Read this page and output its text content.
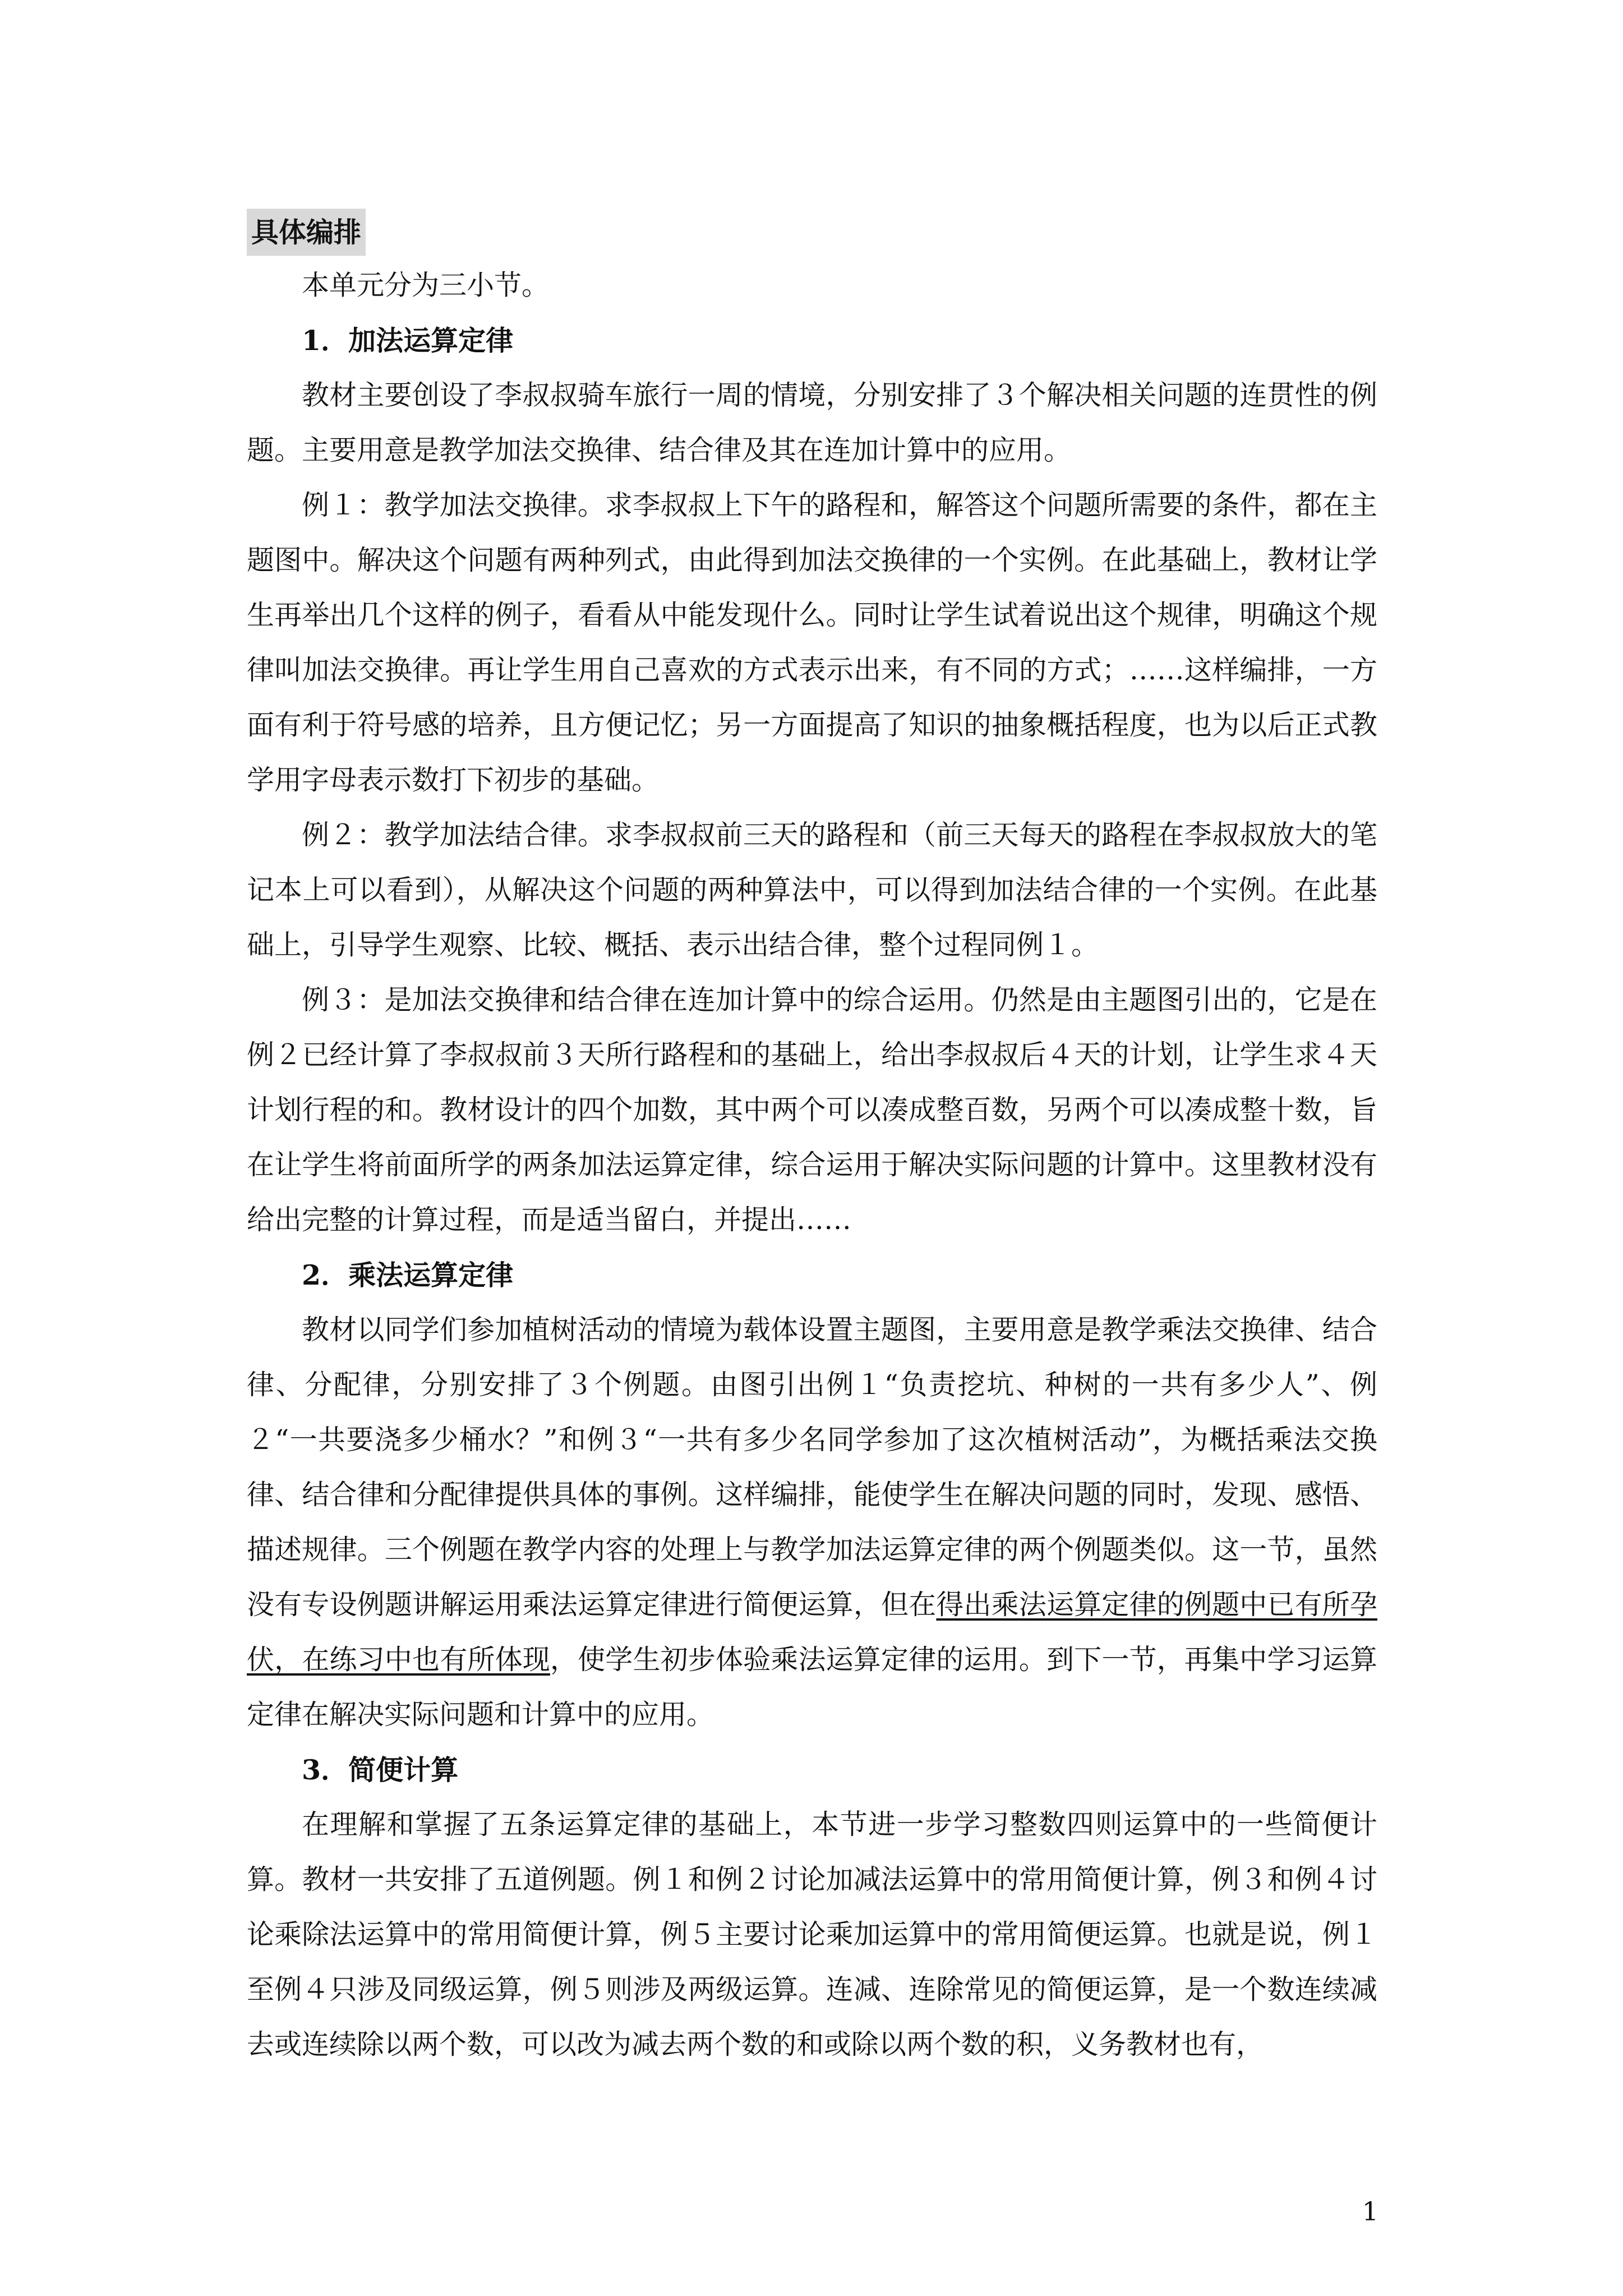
具体编排

本单元分为三小节。

1．加法运算定律

教材主要创设了李叔叔骑车旅行一周的情境，分别安排了３个解决相关问题的连贯性的例题。主要用意是教学加法交换律、结合律及其在连加计算中的应用。

例１：教学加法交换律。求李叔叔上下午的路程和，解答这个问题所需要的条件，都在主题图中。解决这个问题有两种列式，由此得到加法交换律的一个实例。在此基础上，教材让学生再举出几个这样的例子，看看从中能发现什么。同时让学生试着说出这个规律，明确这个规律叫加法交换律。再让学生用自己喜欢的方式表示出来，有不同的方式；……这样编排，一方面有利于符号感的培养，且方便记忆；另一方面提高了知识的抽象概括程度，也为以后正式教学用字母表示数打下初步的基础。

例２：教学加法结合律。求李叔叔前三天的路程和（前三天每天的路程在李叔叔放大的笔记本上可以看到），从解决这个问题的两种算法中，可以得到加法结合律的一个实例。在此基础上，引导学生观察、比较、概括、表示出结合律，整个过程同例１。

例３：是加法交换律和结合律在连加计算中的综合运用。仍然是由主题图引出的，它是在例２已经计算了李叔叔前３天所行路程和的基础上，给出李叔叔后４天的计划，让学生求４天计划行程的和。教材设计的四个加数，其中两个可以凑成整百数，另两个可以凑成整十数，旨在让学生将前面所学的两条加法运算定律，综合运用于解决实际问题的计算中。这里教材没有给出完整的计算过程，而是适当留白，并提出……

2．乘法运算定律

教材以同学们参加植树活动的情境为载体设置主题图，主要用意是教学乘法交换律、结合律、分配律，分别安排了３个例题。由图引出例１“负责挖坑、种树的一共有多少人”、例２“一共要浇多少桶水？”和例３“一共有多少名同学参加了这次植树活动”，为概括乘法交换律、结合律和分配律提供具体的事例。这样编排，能使学生在解决问题的同时，发现、感悟、描述规律。三个例题在教学内容的处理上与教学加法运算定律的两个例题类似。这一节，虽然没有专设例题讲解运用乘法运算定律进行简便运算，但在得出乘法运算定律的例题中已有所孕伏，在练习中也有所体现，使学生初步体验乘法运算定律的运用。到下一节，再集中学习运算定律在解决实际问题和计算中的应用。

3．简便计算

在理解和掌握了五条运算定律的基础上，本节进一步学习整数四则运算中的一些简便计算。教材一共安排了五道例题。例１和例２讨论加减法运算中的常用简便计算，例３和例４讨论乘除法运算中的常用简便计算，例５主要讨论乘加运算中的常用简便运算。也就是说，例１至例４只涉及同级运算，例５则涉及两级运算。连减、连除常见的简便运算，是一个数连续减去或连续除以两个数，可以改为减去两个数的和或除以两个数的积，义务教材也有，

1
